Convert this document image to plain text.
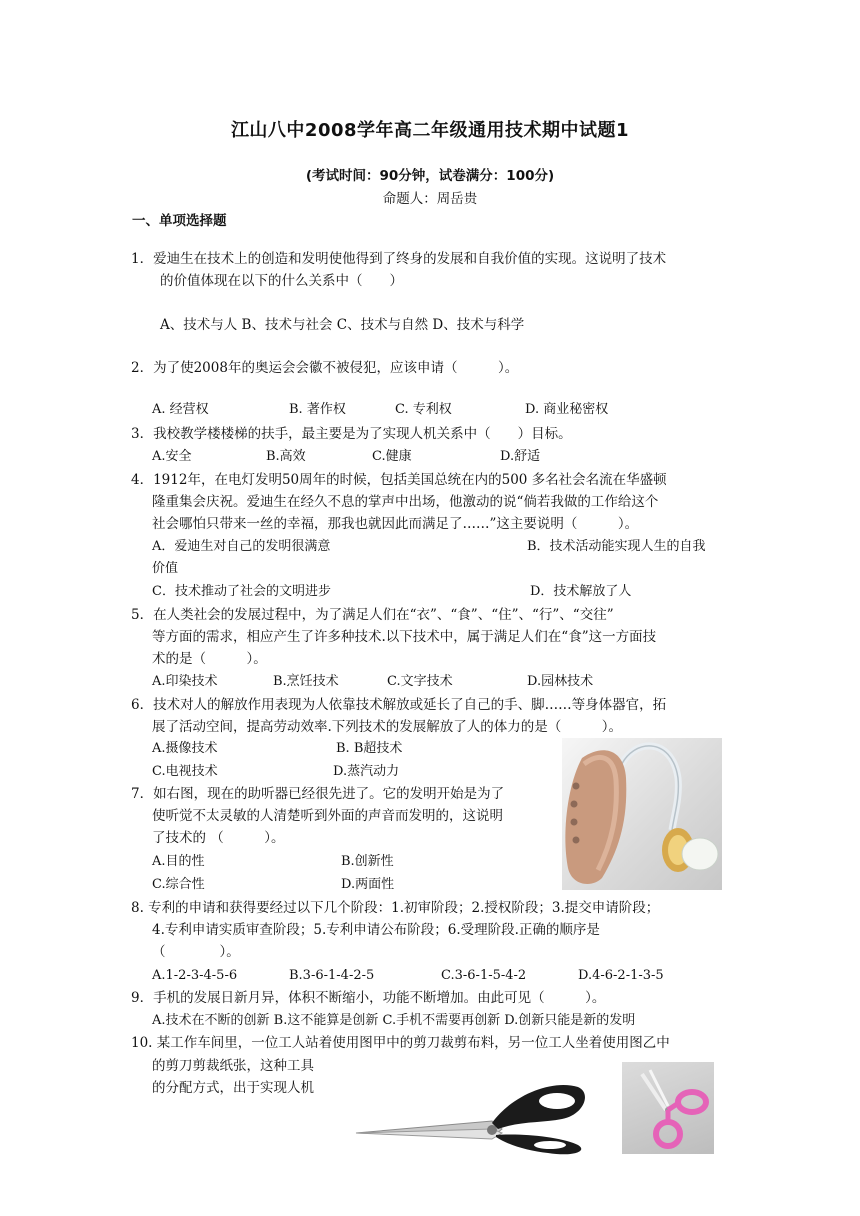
江山八中2008学年高二年级通用技术期中试题1
(考试时间：90分钟，试卷满分：100分)
命题人：周岳贵
一、单项选择题
1．爱迪生在技术上的创造和发明使他得到了终身的发展和自我价值的实现。这说明了技术
的价值体现在以下的什么关系中（　　）
A、技术与人 B、技术与社会 C、技术与自然 D、技术与科学
2．为了使2008年的奥运会会徽不被侵犯，应该申请（　　　）。
A. 经营权	B. 著作权	C. 专利权	D. 商业秘密权
3．我校教学楼楼梯的扶手，最主要是为了实现人机关系中（　　）目标。
A.安全	B.高效	C.健康	D.舒适
4．1912年，在电灯发明50周年的时候，包括美国总统在内的500 多名社会名流在华盛顿
隆重集会庆祝。爱迪生在经久不息的掌声中出场，他激动的说“倘若我做的工作给这个
社会哪怕只带来一丝的幸福，那我也就因此而满足了……”这主要说明（　　　）。
A．爱迪生对自己的发明很满意	B．技术活动能实现人生的自我
价值
C．技术推动了社会的文明进步	D．技术解放了人
5．在人类社会的发展过程中，为了满足人们在“衣”、“食”、“住”、“行”、“交往”
等方面的需求，相应产生了许多种技术.以下技术中，属于满足人们在“食”这一方面技
术的是（　　　）。
A.印染技术	B.烹饪技术	C.文字技术	D.园林技术
6．技术对人的解放作用表现为人依靠技术解放或延长了自己的手、脚……等身体器官，拓
展了活动空间，提高劳动效率.下列技术的发展解放了人的体力的是（　　　）。
A.摄像技术	B. B超技术
C.电视技术	D.蒸汽动力
7．如右图，现在的助听器已经很先进了。它的发明开始是为了
使听觉不太灵敏的人清楚听到外面的声音而发明的，这说明
了技术的 （　　　）。
A.目的性	B.创新性
C.综合性	D.两面性
8. 专利的申请和获得要经过以下几个阶段：1.初审阶段；2.授权阶段；3.提交申请阶段；
4.专利申请实质审查阶段；5.专利申请公布阶段；6.受理阶段.正确的顺序是
（　　　　）。
A.1-2-3-4-5-6	B.3-6-1-4-2-5	C.3-6-1-5-4-2	D.4-6-2-1-3-5
9．手机的发展日新月异，体积不断缩小，功能不断增加。由此可见（　　　）。
A.技术在不断的创新 B.这不能算是创新 C.手机不需要再创新 D.创新只能是新的发明
10. 某工作车间里，一位工人站着使用图甲中的剪刀裁剪布料，另一位工人坐着使用图乙中
的剪刀剪裁纸张，这种工具
的分配方式，出于实现人机
